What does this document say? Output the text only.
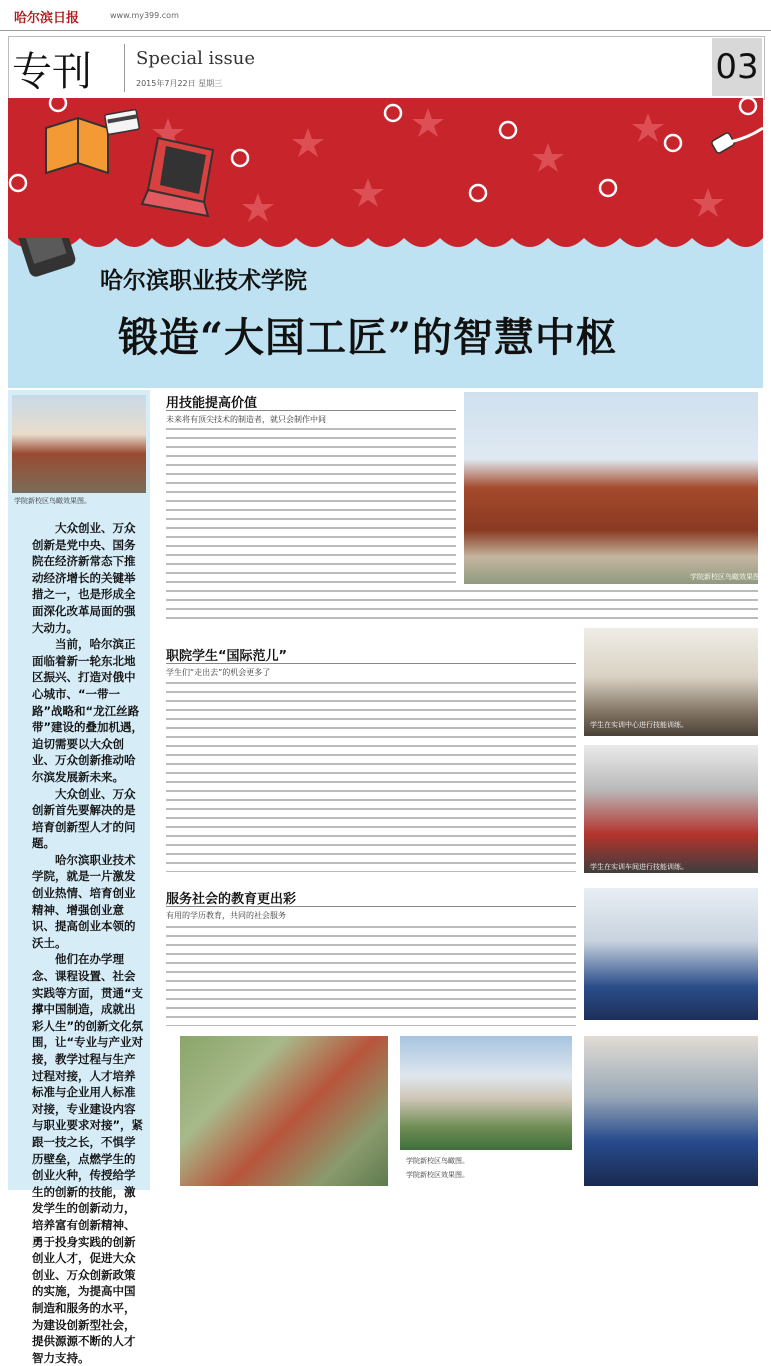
哈尔滨日报	www.my399.com
专刊 Special issue
2015年7月22日 星期三	03
哈尔滨职业技术学院
锻造“大国工匠”的智慧中枢
学院新校区鸟瞰效果图。

大众创业、万众创新是党中央、国务院在经济新常态下推动经济增长的关键举措之一，也是形成全面深化改革局面的强大动力。

当前，哈尔滨正面临着新一轮东北地区振兴、打造对俄中心城市、“一带一路”战略和“龙江丝路带”建设的叠加机遇，迫切需要以大众创业、万众创新推动哈尔滨发展新未来。

大众创业、万众创新首先要解决的是培育创新型人才的问题。

哈尔滨职业技术学院，就是一片激发创业热情、培育创业精神、增强创业意识、提高创业本领的沃土。

他们在办学理念、课程设置、社会实践等方面，贯通“支撑中国制造，成就出彩人生”的创新文化氛围，让“专业与产业对接，教学过程与生产过程对接，人才培养标准与企业用人标准对接，专业建设内容与职业要求对接”，紧跟一技之长，不惧学历壁垒，点燃学生的创业火种，传授给学生的创新的技能，激发学生的创新动力，培养富有创新精神、勇于投身实践的创新创业人才，促进大众创业、万众创新政策的实施，为提高中国制造和服务的水平，为建设创新型社会，提供源源不断的人才智力支持。

用技能提高价值
未来将有顶尖技术的制造者，就只会制作中间
学院新校区鸟瞰效果图。
职院学生“国际范儿”
学生们“走出去”的机会更多了
学生在实训中心进行技能训练。
学生在实训车间进行技能训练。
服务社会的教育更出彩
有用的学历教育，共同的社会服务
学院新校区鸟瞰图。
学院新校区效果图。
